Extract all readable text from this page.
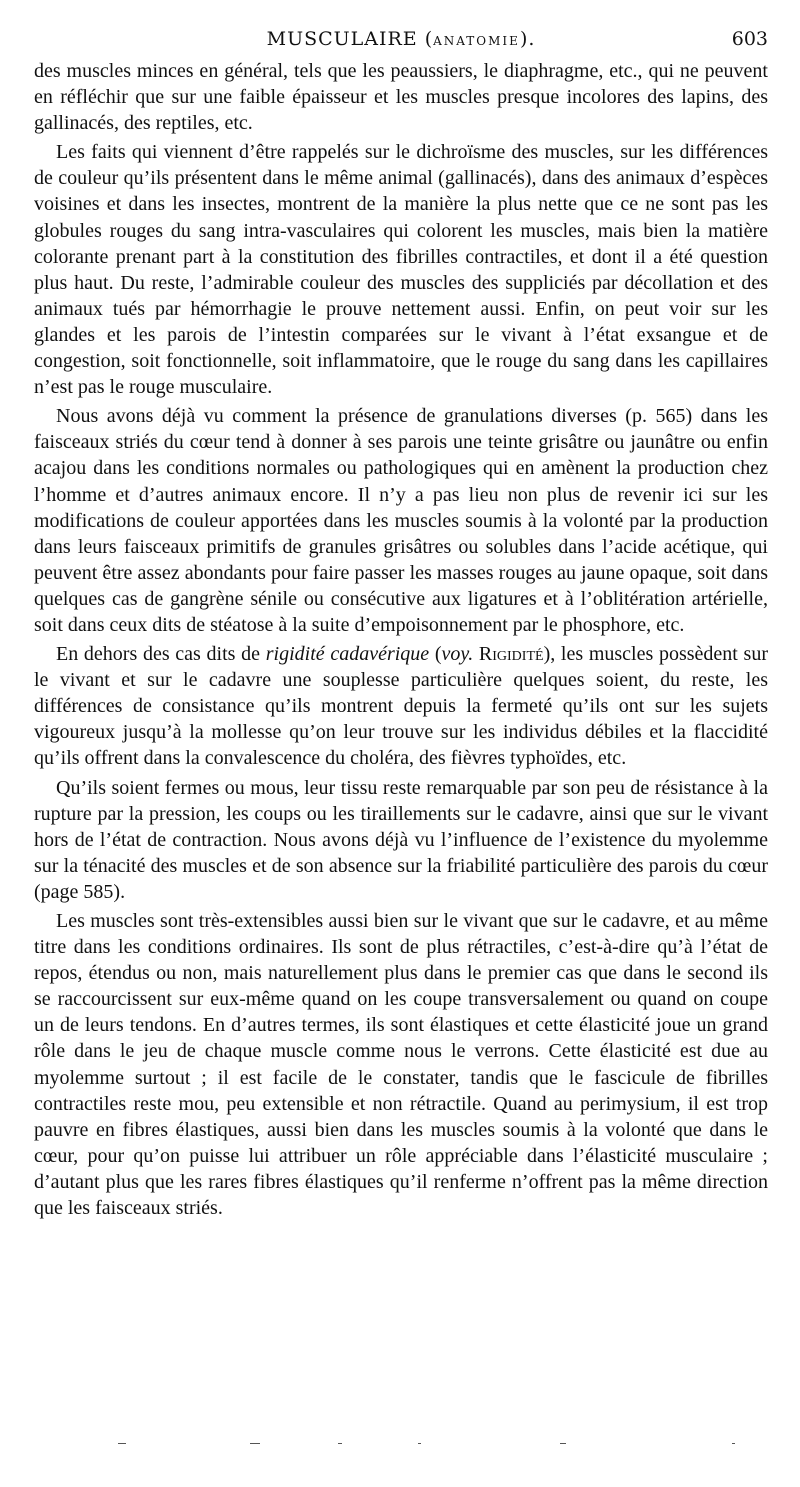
MUSCULAIRE (ANATOMIE).	603

des muscles minces en général, tels que les peaussiers, le diaphragme, etc., qui ne peuvent en réfléchir que sur une faible épaisseur et les muscles presque incolores des lapins, des gallinacés, des reptiles, etc.

Les faits qui viennent d’être rappelés sur le dichroïsme des muscles, sur les différences de couleur qu’ils présentent dans le même animal (gallinacés), dans des animaux d’espèces voisines et dans les insectes, montrent de la manière la plus nette que ce ne sont pas les globules rouges du sang intra-vasculaires qui colorent les muscles, mais bien la matière colorante prenant part à la constitution des fibrilles contractiles, et dont il a été question plus haut. Du reste, l’admirable couleur des muscles des suppliciés par décollation et des animaux tués par hémorrhagie le prouve nettement aussi. Enfin, on peut voir sur les glandes et les parois de l’intestin comparées sur le vivant à l’état exsangue et de congestion, soit fonctionnelle, soit inflammatoire, que le rouge du sang dans les capillaires n’est pas le rouge musculaire.

Nous avons déjà vu comment la présence de granulations diverses (p. 565) dans les faisceaux striés du cœur tend à donner à ses parois une teinte grisâtre ou jaunâtre ou enfin acajou dans les conditions normales ou pathologiques qui en amènent la production chez l’homme et d’autres animaux encore. Il n’y a pas lieu non plus de revenir ici sur les modifications de couleur apportées dans les muscles soumis à la volonté par la production dans leurs faisceaux primitifs de granules grisâtres ou solubles dans l’acide acétique, qui peuvent être assez abondants pour faire passer les masses rouges au jaune opaque, soit dans quelques cas de gangrène sénile ou consécutive aux ligatures et à l’oblitération artérielle, soit dans ceux dits de stéatose à la suite d’empoisonnement par le phosphore, etc.

En dehors des cas dits de rigidité cadavérique (voy. Rigidité), les muscles possèdent sur le vivant et sur le cadavre une souplesse particulière quelques soient, du reste, les différences de consistance qu’ils montrent depuis la fermeté qu’ils ont sur les sujets vigoureux jusqu’à la mollesse qu’on leur trouve sur les individus débiles et la flaccidité qu’ils offrent dans la convalescence du choléra, des fièvres typhoïdes, etc.

Qu’ils soient fermes ou mous, leur tissu reste remarquable par son peu de résistance à la rupture par la pression, les coups ou les tiraillements sur le cadavre, ainsi que sur le vivant hors de l’état de contraction. Nous avons déjà vu l’influence de l’existence du myolemme sur la ténacité des muscles et de son absence sur la friabilité particulière des parois du cœur (page 585).

Les muscles sont très-extensibles aussi bien sur le vivant que sur le cadavre, et au même titre dans les conditions ordinaires. Ils sont de plus rétractiles, c’est-à-dire qu’à l’état de repos, étendus ou non, mais naturellement plus dans le premier cas que dans le second ils se raccourcissent sur eux-même quand on les coupe transversalement ou quand on coupe un de leurs tendons. En d’autres termes, ils sont élastiques et cette élasticité joue un grand rôle dans le jeu de chaque muscle comme nous le verrons. Cette élasticité est due au myolemme surtout ; il est facile de le constater, tandis que le fascicule de fibrilles contractiles reste mou, peu extensible et non rétractile. Quand au perimysium, il est trop pauvre en fibres élastiques, aussi bien dans les muscles soumis à la volonté que dans le cœur, pour qu’on puisse lui attribuer un rôle appréciable dans l’élasticité musculaire ; d’autant plus que les rares fibres élastiques qu’il renferme n’offrent pas la même direction que les faisceaux striés.
